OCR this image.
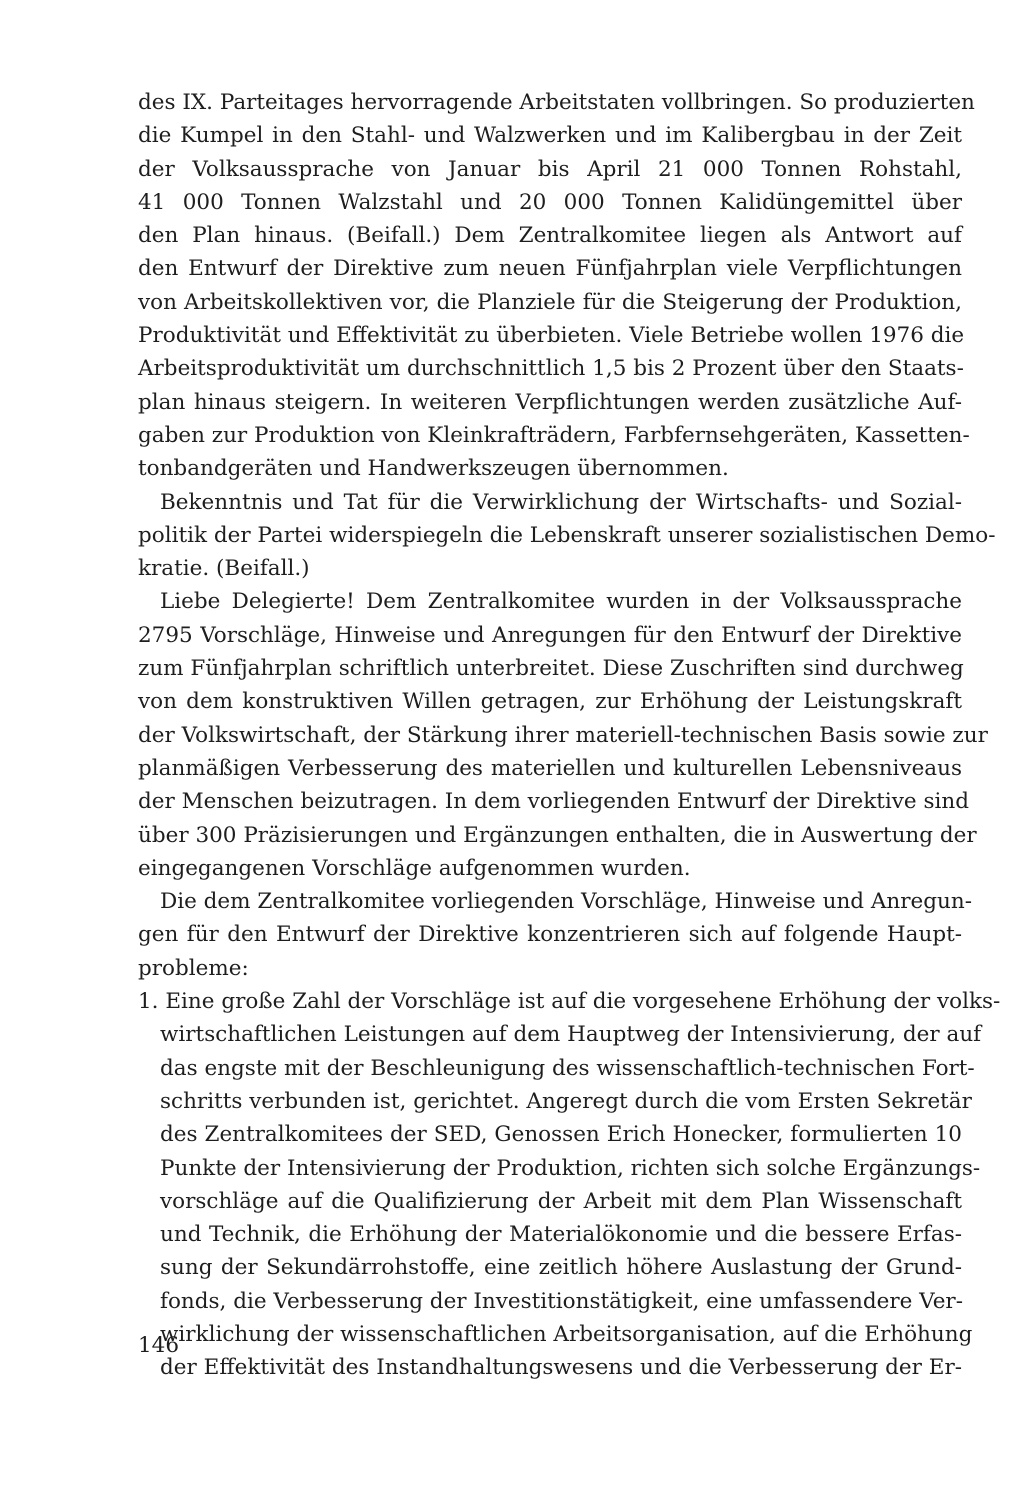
des IX. Parteitages hervorragende Arbeitstaten vollbringen. So produzierten
die Kumpel in den Stahl- und Walzwerken und im Kalibergbau in der Zeit
der Volksaussprache von Januar bis April 21 000 Tonnen Rohstahl,
41 000 Tonnen Walzstahl und 20 000 Tonnen Kalidüngemittel über
den Plan hinaus. (Beifall.) Dem Zentralkomitee liegen als Antwort auf
den Entwurf der Direktive zum neuen Fünfjahrplan viele Verpflichtungen
von Arbeitskollektiven vor, die Planziele für die Steigerung der Produktion,
Produktivität und Effektivität zu überbieten. Viele Betriebe wollen 1976 die
Arbeitsproduktivität um durchschnittlich 1,5 bis 2 Prozent über den Staats-
plan hinaus steigern. In weiteren Verpflichtungen werden zusätzliche Auf-
gaben zur Produktion von Kleinkrafträdern, Farbfernsehgeräten, Kassetten-
tonbandgeräten und Handwerkszeugen übernommen.
Bekenntnis und Tat für die Verwirklichung der Wirtschafts- und Sozial-
politik der Partei widerspiegeln die Lebenskraft unserer sozialistischen Demo-
kratie. (Beifall.)
Liebe Delegierte! Dem Zentralkomitee wurden in der Volksaussprache
2795 Vorschläge, Hinweise und Anregungen für den Entwurf der Direktive
zum Fünfjahrplan schriftlich unterbreitet. Diese Zuschriften sind durchweg
von dem konstruktiven Willen getragen, zur Erhöhung der Leistungskraft
der Volkswirtschaft, der Stärkung ihrer materiell-technischen Basis sowie zur
planmäßigen Verbesserung des materiellen und kulturellen Lebensniveaus
der Menschen beizutragen. In dem vorliegenden Entwurf der Direktive sind
über 300 Präzisierungen und Ergänzungen enthalten, die in Auswertung der
eingegangenen Vorschläge aufgenommen wurden.
Die dem Zentralkomitee vorliegenden Vorschläge, Hinweise und Anregun-
gen für den Entwurf der Direktive konzentrieren sich auf folgende Haupt-
probleme:
1. Eine große Zahl der Vorschläge ist auf die vorgesehene Erhöhung der volks-
wirtschaftlichen Leistungen auf dem Hauptweg der Intensivierung, der auf
das engste mit der Beschleunigung des wissenschaftlich-technischen Fort-
schritts verbunden ist, gerichtet. Angeregt durch die vom Ersten Sekretär
des Zentralkomitees der SED, Genossen Erich Honecker, formulierten 10
Punkte der Intensivierung der Produktion, richten sich solche Ergänzungs-
vorschläge auf die Qualifizierung der Arbeit mit dem Plan Wissenschaft
und Technik, die Erhöhung der Materialökonomie und die bessere Erfas-
sung der Sekundärrohstoffe, eine zeitlich höhere Auslastung der Grund-
fonds, die Verbesserung der Investitionstätigkeit, eine umfassendere Ver-
wirklichung der wissenschaftlichen Arbeitsorganisation, auf die Erhöhung
der Effektivität des Instandhaltungswesens und die Verbesserung der Er-
146
